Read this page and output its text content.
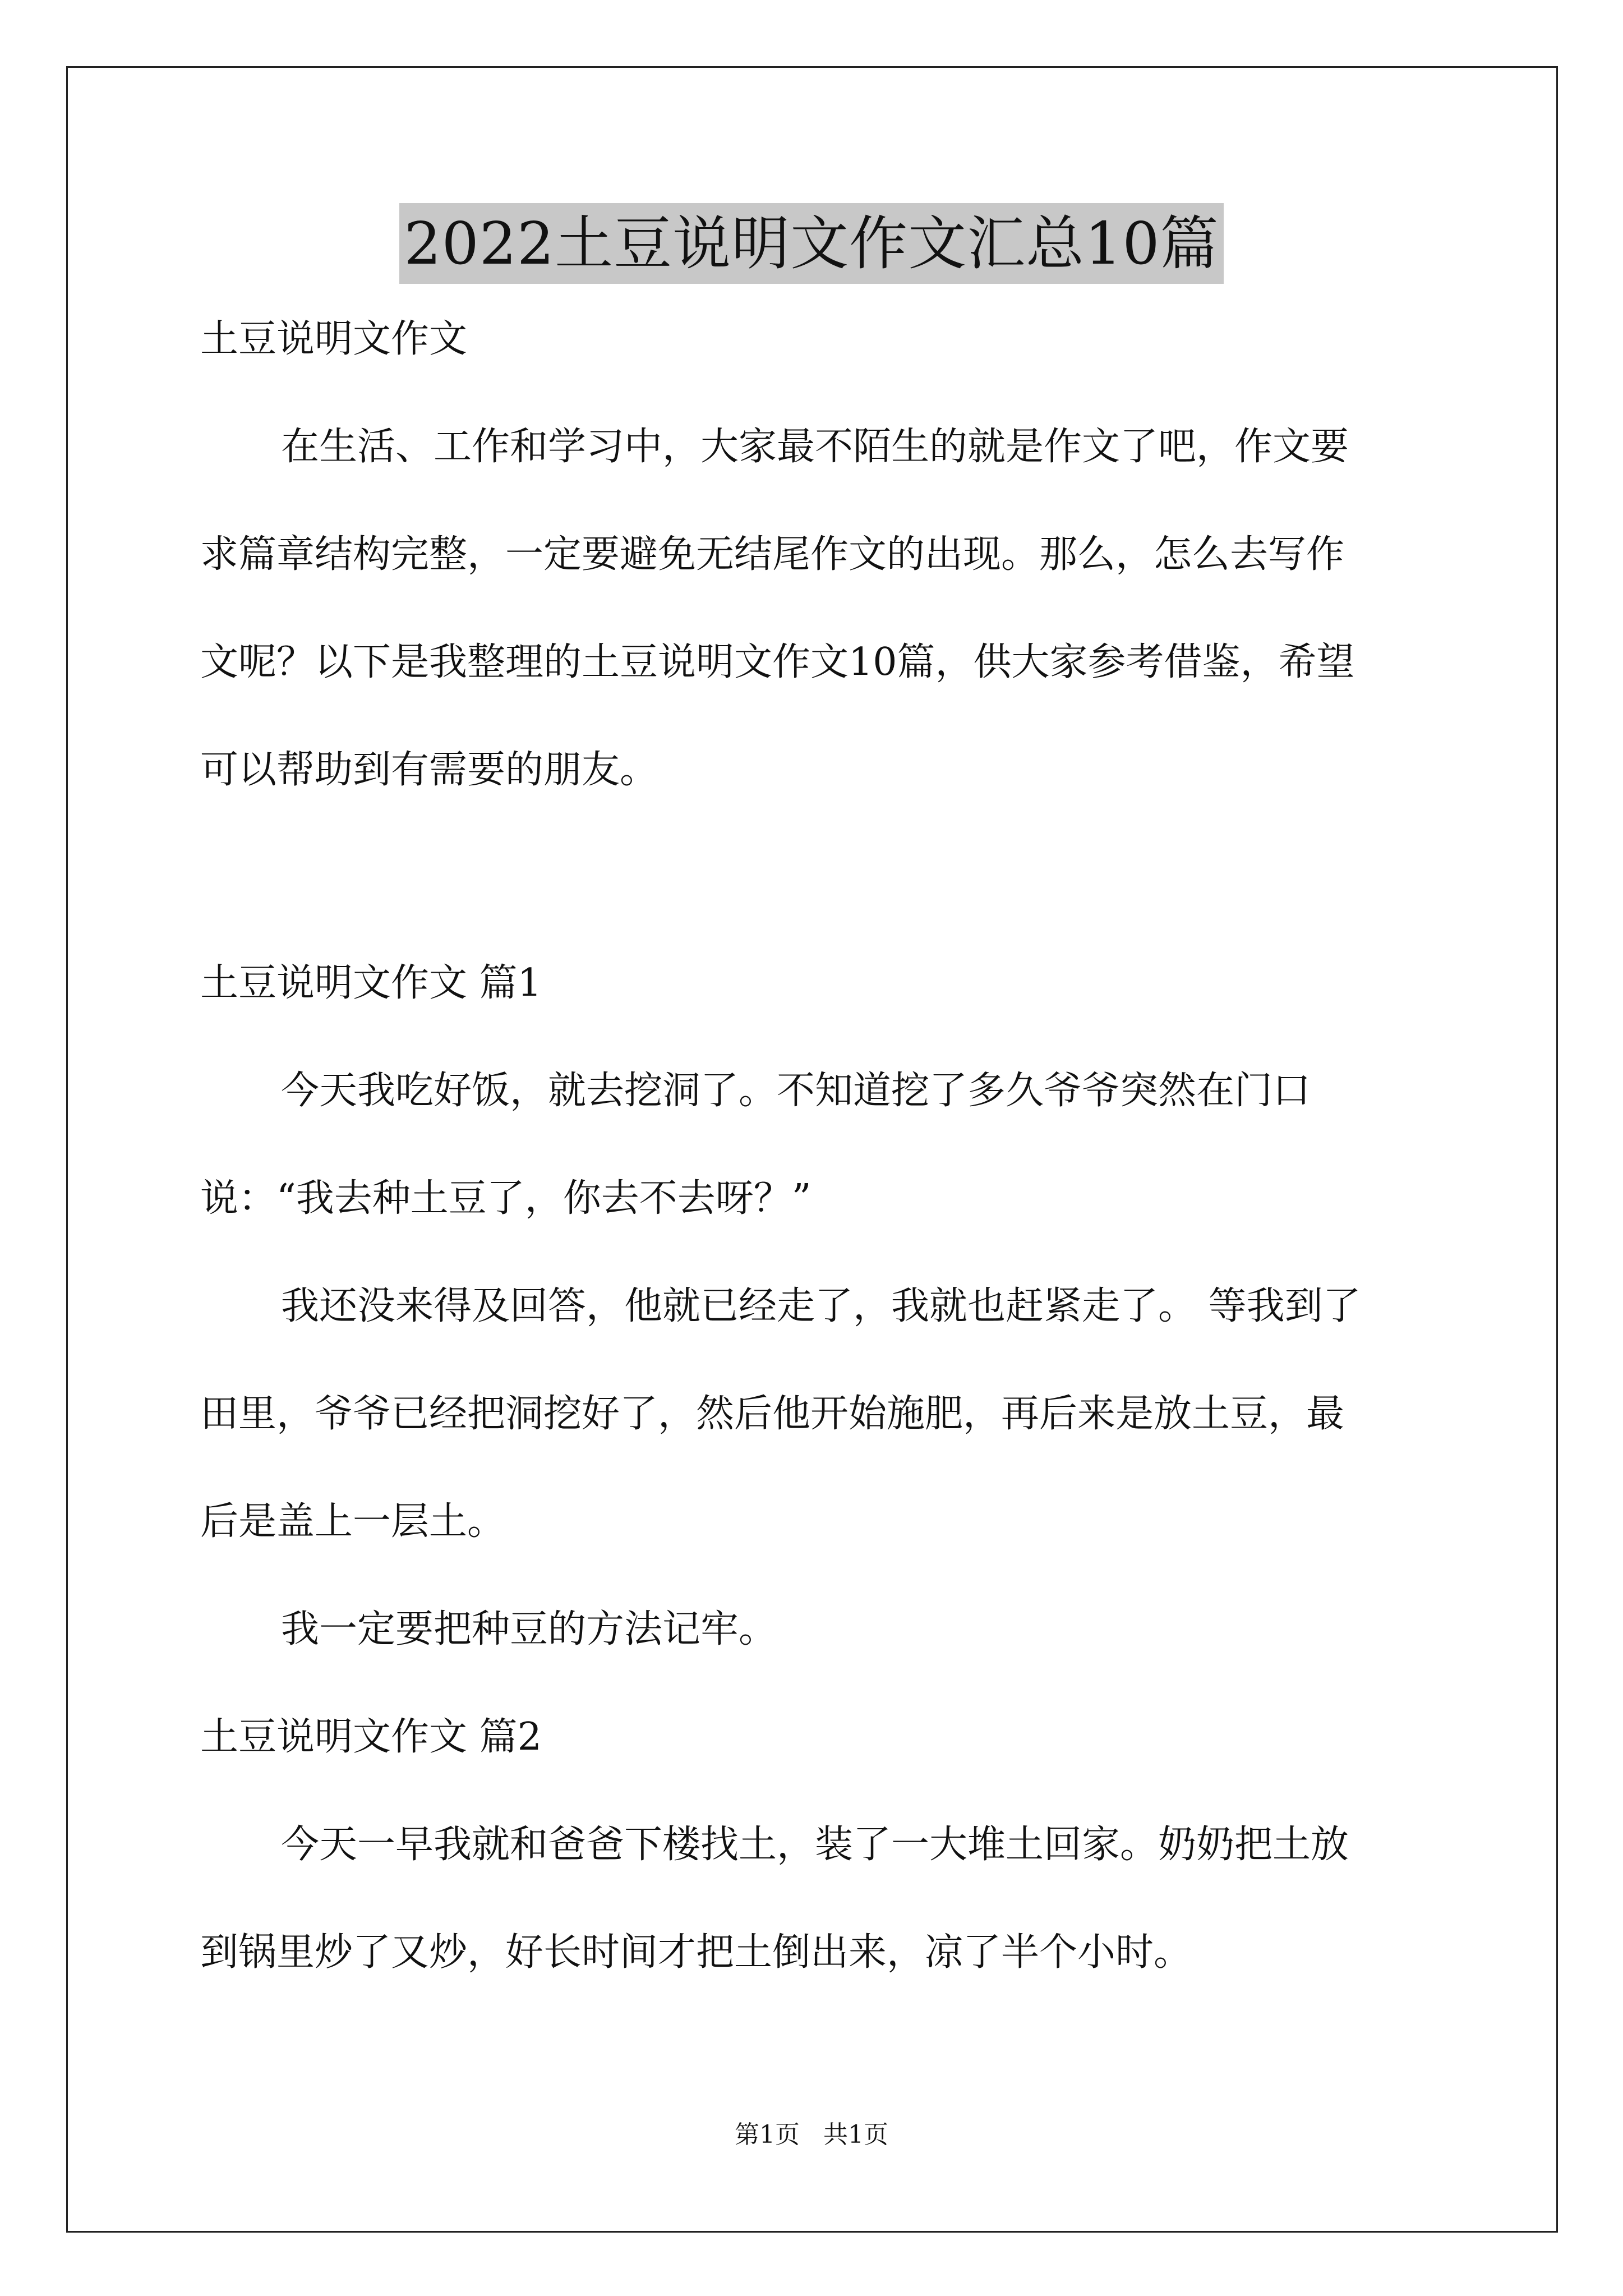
2022土豆说明文作文汇总10篇
土豆说明文作文
在生活、工作和学习中，大家最不陌生的就是作文了吧，作文要
求篇章结构完整，一定要避免无结尾作文的出现。那么，怎么去写作
文呢？以下是我整理的土豆说明文作文10篇，供大家参考借鉴，希望
可以帮助到有需要的朋友。
土豆说明文作文 篇1
今天我吃好饭，就去挖洞了。不知道挖了多久爷爷突然在门口
说：“我去种土豆了，你去不去呀？”
我还没来得及回答，他就已经走了，我就也赶紧走了。 等我到了
田里，爷爷已经把洞挖好了，然后他开始施肥，再后来是放土豆，最
后是盖上一层土。
我一定要把种豆的方法记牢。
土豆说明文作文 篇2
今天一早我就和爸爸下楼找土，装了一大堆土回家。奶奶把土放
到锅里炒了又炒，好长时间才把土倒出来，凉了半个小时。
第1页 共1页
